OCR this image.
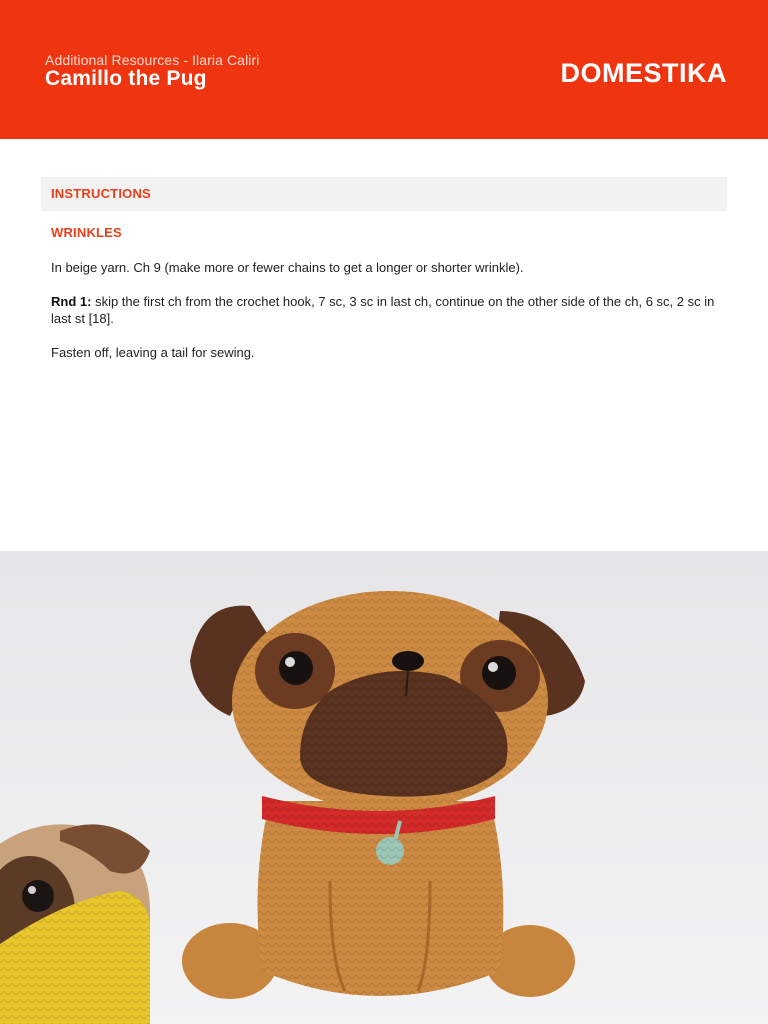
Additional Resources - Ilaria Caliri
Camillo the Pug	DOMESTIKA
INSTRUCTIONS
WRINKLES
In beige yarn. Ch 9 (make more or fewer chains to get a longer or shorter wrinkle).
Rnd 1: skip the first ch from the crochet hook, 7 sc, 3 sc in last ch, continue on the other side of the ch, 6 sc, 2 sc in last st [18].
Fasten off, leaving a tail for sewing.
